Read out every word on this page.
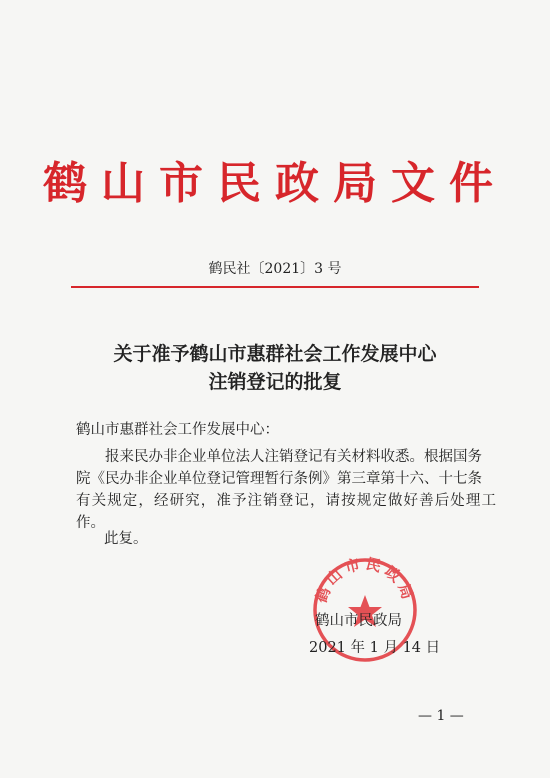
鹤山市民政局文件
鹤民社〔2021〕3 号
关于准予鹤山市惠群社会工作发展中心
注销登记的批复
鹤山市惠群社会工作发展中心：
报来民办非企业单位法人注销登记有关材料收悉。根据国务
院《民办非企业单位登记管理暂行条例》第三章第十六、十七条
有关规定，经研究，准予注销登记，请按规定做好善后处理工作。
此复。
鹤山市民政局
鹤山市民政局
2021 年 1 月 14 日
— 1 —
